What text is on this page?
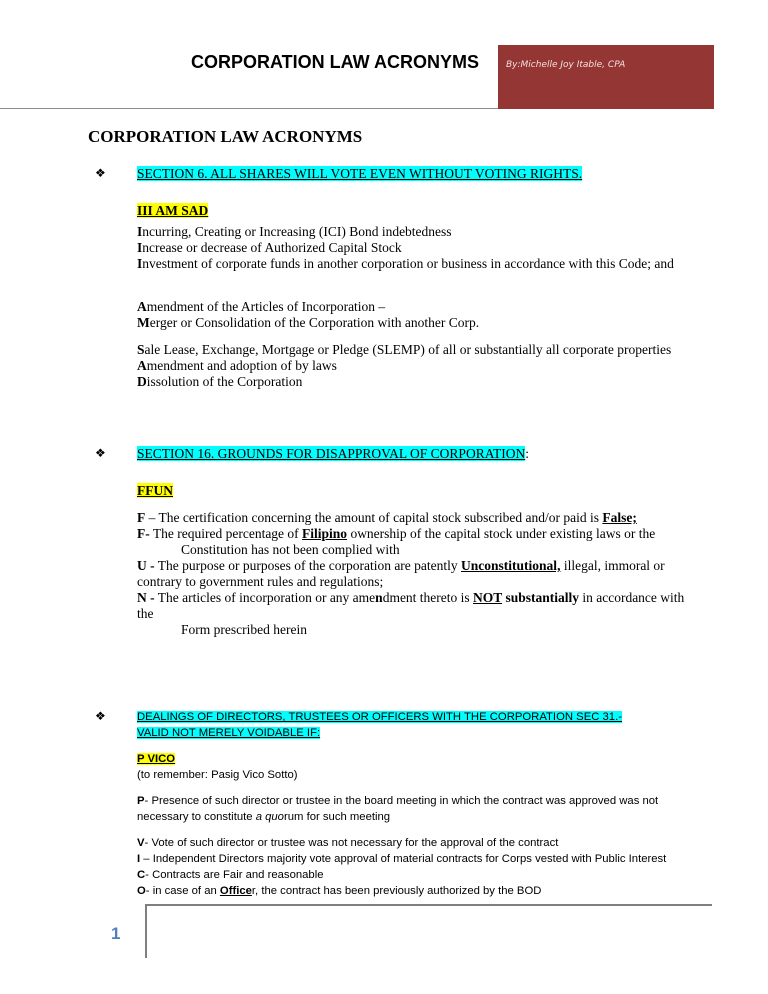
CORPORATION LAW ACRONYMS	By:Michelle Joy Itable, CPA
CORPORATION LAW ACRONYMS
❖ SECTION 6. ALL SHARES WILL VOTE EVEN WITHOUT VOTING RIGHTS.
III AM SAD
Incurring, Creating or Increasing (ICI) Bond indebtedness
Increase or decrease of Authorized Capital Stock
Investment of corporate funds in another corporation or business in accordance with this Code; and
Amendment of the Articles of Incorporation –
Merger or Consolidation of the Corporation with another Corp.
Sale Lease, Exchange, Mortgage or Pledge (SLEMP) of all or substantially all corporate properties
Amendment and adoption of by laws
Dissolution of the Corporation
❖ SECTION 16. GROUNDS FOR DISAPPROVAL OF CORPORATION:
FFUN
F – The certification concerning the amount of capital stock subscribed and/or paid is False;
F- The required percentage of Filipino ownership of the capital stock under existing laws or the
Constitution has not been complied with
U - The purpose or purposes of the corporation are patently Unconstitutional, illegal, immoral or contrary to government rules and regulations;
N - The articles of incorporation or any amendment thereto is NOT substantially in accordance with the
Form prescribed herein
❖	DEALINGS OF DIRECTORS, TRUSTEES OR OFFICERS WITH THE CORPORATION SEC 31.-
VALID NOT MERELY VOIDABLE IF:
P VICO
(to remember: Pasig Vico Sotto)
P- Presence of such director or trustee in the board meeting in which the contract was approved was not necessary to constitute a quorum for such meeting
V- Vote of such director or trustee was not necessary for the approval of the contract
I – Independent Directors majority vote approval of material contracts for Corps vested with Public Interest
C- Contracts are Fair and reasonable
O- in case of an Officer, the contract has been previously authorized by the BOD
1
